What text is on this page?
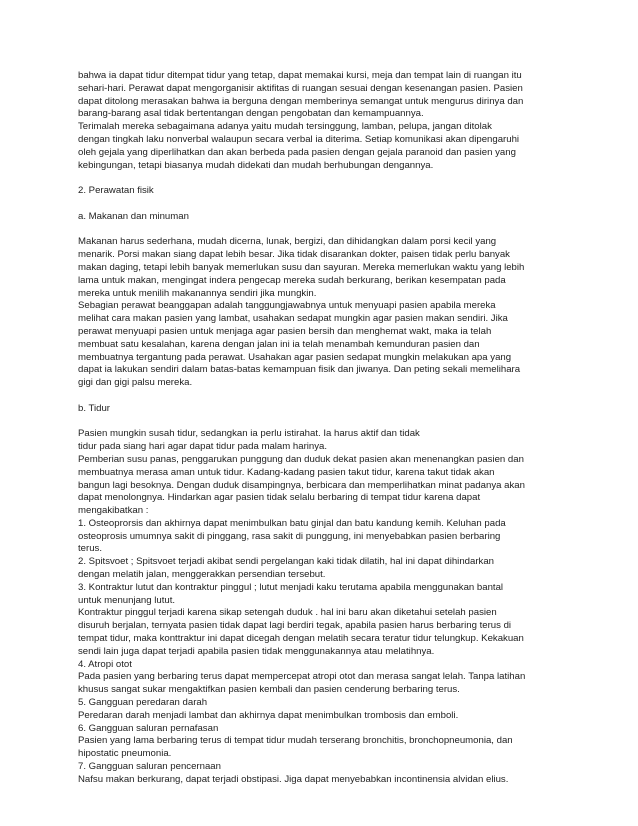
bahwa ia dapat tidur ditempat tidur yang tetap, dapat memakai kursi, meja dan tempat lain di ruangan itu
sehari-hari. Perawat dapat mengorganisir aktifitas di ruangan sesuai dengan kesenangan pasien. Pasien
dapat ditolong merasakan bahwa ia berguna dengan memberinya semangat untuk mengurus dirinya dan
barang-barang asal tidak bertentangan dengan pengobatan dan kemampuannya.
Terimalah mereka sebagaimana adanya yaitu mudah tersinggung, lamban, pelupa, jangan ditolak
dengan tingkah laku nonverbal walaupun secara verbal ia diterima. Setiap komunikasi akan dipengaruhi
oleh gejala yang diperlihatkan dan akan berbeda pada pasien dengan gejala paranoid dan pasien yang
kebingungan, tetapi biasanya mudah didekati dan mudah berhubungan dengannya.

2. Perawatan fisik

a. Makanan dan minuman

Makanan harus sederhana, mudah dicerna, lunak, bergizi, dan dihidangkan dalam porsi kecil yang
menarik. Porsi makan siang dapat lebih besar. Jika tidak disarankan dokter, paisen tidak perlu banyak
makan daging, tetapi lebih banyak memerlukan susu dan sayuran. Mereka memerlukan waktu yang lebih
lama untuk makan, mengingat indera pengecap mereka sudah berkurang, berikan kesempatan pada
mereka untuk menilih makanannya sendiri jika mungkin.
Sebagian perawat beanggapan adalah tanggungjawabnya untuk menyuapi pasien apabila mereka
melihat cara makan pasien yang lambat, usahakan sedapat mungkin agar pasien makan sendiri. Jika
perawat menyuapi pasien untuk menjaga agar pasien bersih dan menghemat wakt, maka ia telah
membuat satu kesalahan, karena dengan jalan ini ia telah menambah kemunduran pasien dan
membuatnya tergantung pada perawat. Usahakan agar pasien sedapat mungkin melakukan apa yang
dapat ia lakukan sendiri dalam batas-batas kemampuan fisik dan jiwanya. Dan peting sekali memelihara
gigi dan gigi palsu mereka.

b. Tidur

Pasien mungkin susah tidur, sedangkan ia perlu istirahat. Ia harus aktif dan tidak
tidur pada siang hari agar dapat tidur pada malam harinya.
Pemberian susu panas, penggarukan punggung dan duduk dekat pasien akan menenangkan pasien dan
membuatnya merasa aman untuk tidur. Kadang-kadang pasien takut tidur, karena takut tidak akan
bangun lagi besoknya. Dengan duduk disampingnya, berbicara dan memperlihatkan minat padanya akan
dapat menolongnya. Hindarkan agar pasien tidak selalu berbaring di tempat tidur karena dapat
mengakibatkan :
1. Osteoprorsis dan akhirnya dapat menimbulkan batu ginjal dan batu kandung kemih. Keluhan pada
osteoprosis umumnya sakit di pinggang, rasa sakit di punggung, ini menyebabkan pasien berbaring
terus.
2. Spitsvoet ; Spitsvoet terjadi akibat sendi pergelangan kaki tidak dilatih, hal ini dapat dihindarkan
dengan melatih jalan, menggerakkan persendian tersebut.
3. Kontraktur lutut dan kontraktur pinggul ; lutut menjadi kaku terutama apabila menggunakan bantal
untuk menunjang lutut.
Kontraktur pinggul terjadi karena sikap setengah duduk . hal ini baru akan diketahui setelah pasien
disuruh berjalan, ternyata pasien tidak dapat lagi berdiri tegak, apabila pasien harus berbaring terus di
tempat tidur, maka konttraktur ini dapat dicegah dengan melatih secara teratur tidur telungkup. Kekakuan
sendi lain juga dapat terjadi apabila pasien tidak menggunakannya atau melatihnya.
4. Atropi otot
Pada pasien yang berbaring terus dapat mempercepat atropi otot dan merasa sangat lelah. Tanpa latihan
khusus sangat sukar mengaktifkan pasien kembali dan pasien cenderung berbaring terus.
5. Gangguan peredaran darah
Peredaran darah menjadi lambat dan akhirnya dapat menimbulkan trombosis dan emboli.
6. Gangguan saluran pernafasan
Pasien yang lama berbaring terus di tempat tidur mudah terserang bronchitis, bronchopneumonia, dan
hipostatic pneumonia.
7. Gangguan saluran pencernaan
Nafsu makan berkurang, dapat terjadi obstipasi. Jiga dapat menyebabkan incontinensia alvidan elius.
